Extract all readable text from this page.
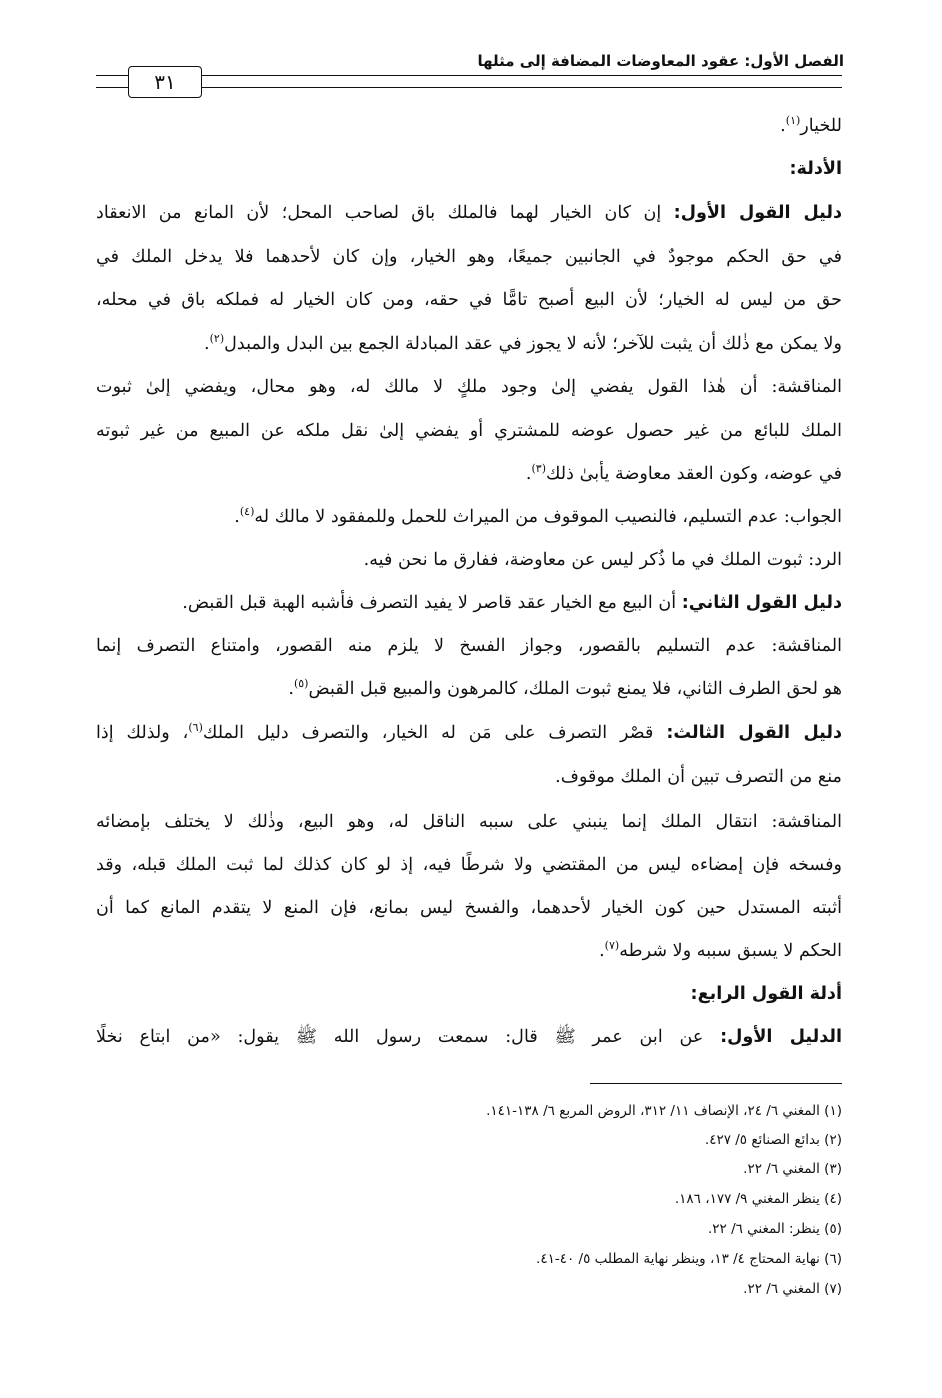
الفصل الأول: عقود المعاوضات المضافة إلى مثلها
٣١
للخيار$^{(١)}$.
الأدلة:
دليل القول الأول: إن كان الخيار لهما فالملك باق لصاحب المحل؛ لأن المانع من الانعقاد
في حق الحكم موجودٌ في الجانبين جميعًا، وهو الخيار، وإن كان لأحدهما فلا يدخل الملك في
حق من ليس له الخيار؛ لأن البيع أصبح تامًّا في حقه، ومن كان الخيار له فملكه باق في محله،
ولا يمكن مع ذٰلك أن يثبت للآخر؛ لأنه لا يجوز في عقد المبادلة الجمع بين البدل والمبدل$^{(٢)}$.
المناقشة: أن هٰذا القول يفضي إلىٰ وجود ملكٍ لا مالك له، وهو محال، ويفضي إلىٰ ثبوت
الملك للبائع من غير حصول عوضه للمشتري أو يفضي إلىٰ نقل ملكه عن المبيع من غير ثبوته
في عوضه، وكون العقد معاوضة يأبىٰ ذلك$^{(٣)}$.
الجواب: عدم التسليم، فالنصيب الموقوف من الميراث للحمل وللمفقود لا مالك له$^{(٤)}$.
الرد: ثبوت الملك في ما ذُكر ليس عن معاوضة، ففارق ما نحن فيه.
دليل القول الثاني: أن البيع مع الخيار عقد قاصر لا يفيد التصرف فأشبه الهبة قبل القبض.
المناقشة: عدم التسليم بالقصور، وجواز الفسخ لا يلزم منه القصور، وامتناع التصرف إنما
هو لحق الطرف الثاني، فلا يمنع ثبوت الملك، كالمرهون والمبيع قبل القبض$^{(٥)}$.
دليل القول الثالث: قصْر التصرف على مَن له الخيار، والتصرف دليل الملك$^{(٦)}$، ولذلك إذا
منع من التصرف تبين أن الملك موقوف.
المناقشة: انتقال الملك إنما ينبني على سببه الناقل له، وهو البيع، وذٰلك لا يختلف بإمضائه
وفسخه فإن إمضاءه ليس من المقتضي ولا شرطًا فيه، إذ لو كان كذلك لما ثبت الملك قبله، وقد
أثبته المستدل حين كون الخيار لأحدهما، والفسخ ليس بمانع، فإن المنع لا يتقدم المانع كما أن
الحكم لا يسبق سببه ولا شرطه$^{(٧)}$.
أدلة القول الرابع:
الدليل الأول: عن ابن عمر ﷺ قال: سمعت رسول الله ﷺ يقول: «من ابتاع نخلًا
(١) المغني ٦/ ٢٤، الإنصاف ١١/ ٣١٢، الروض المربع ٦/ ١٣٨-١٤١.
(٢) بدائع الصنائع ٥/ ٤٢٧.
(٣) المغني ٦/ ٢٢.
(٤) ينظر المغني ٩/ ١٧٧، ١٨٦.
(٥) ينظر: المغني ٦/ ٢٢.
(٦) نهاية المحتاج ٤/ ١٣، وينظر نهاية المطلب ٥/ ٤٠-٤١.
(٧) المغني ٦/ ٢٢.
